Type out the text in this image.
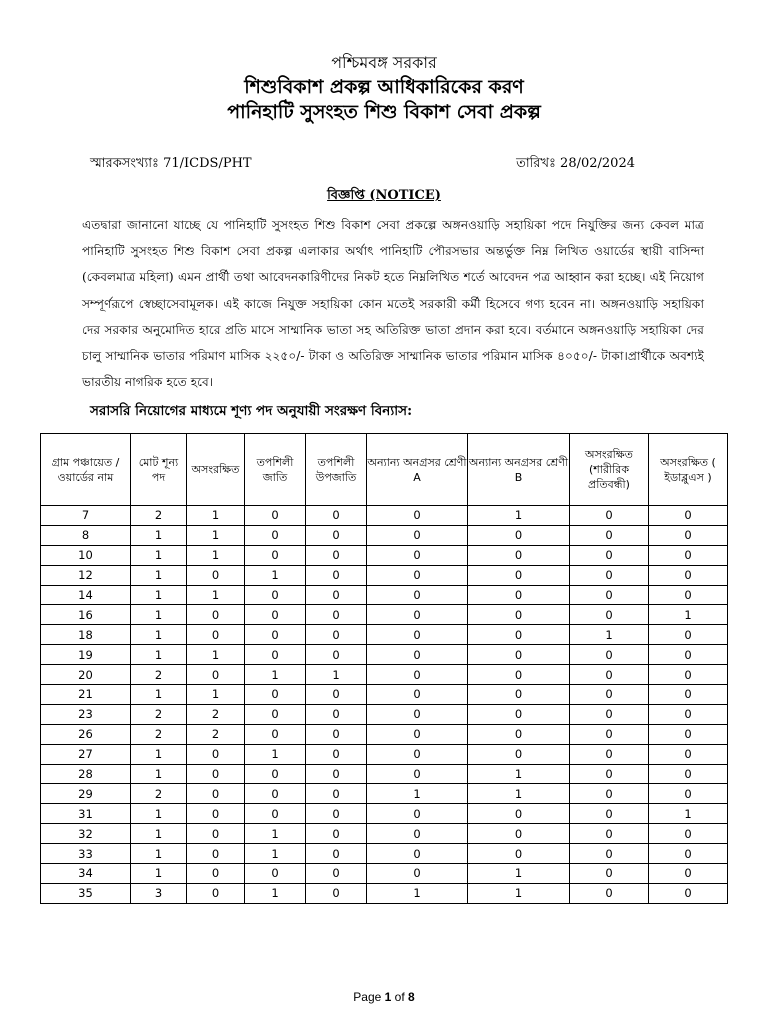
পশ্চিমবঙ্গ সরকার
শিশুবিকাশ প্রকল্প আধিকারিকের করণ
পানিহাটি সুসংহত শিশু বিকাশ সেবা প্রকল্প
স্মারকসংখ্যাঃ 71/ICDS/PHT	তারিখঃ 28/02/2024
বিজ্ঞপ্তি (NOTICE)

এতদ্বারা জানানো যাচ্ছে যে পানিহাটি সুসংহত শিশু বিকাশ সেবা প্রকল্পে অঙ্গনওয়াড়ি সহায়িকা পদে নিযুক্তির জন্য কেবল মাত্র পানিহাটি সুসংহত শিশু বিকাশ সেবা প্রকল্প এলাকার অর্থাৎ পানিহাটি পৌরসভার অন্তর্ভুক্ত নিম্ন লিখিত ওয়ার্ডের স্থায়ী বাসিন্দা (কেবলমাত্র মহিলা) এমন প্রার্থী তথা আবেদনকারিণীদের নিকট হতে নিম্নলিখিত শর্তে আবেদন পত্র আহ্বান করা হচ্ছে। এই নিয়োগ সম্পূর্ণরূপে স্বেচ্ছাসেবামূলক। এই কাজে নিযুক্ত সহায়িকা কোন মতেই সরকারী কর্মী হিসেবে গণ্য হবেন না। অঙ্গনওয়াড়ি সহায়িকা দের সরকার অনুমোদিত হারে প্রতি মাসে সাম্মানিক ভাতা সহ অতিরিক্ত ভাতা প্রদান করা হবে। বর্তমানে অঙ্গনওয়াড়ি সহায়িকা দের চালু সাম্মানিক ভাতার পরিমাণ মাসিক ২২৫০/- টাকা ও অতিরিক্ত সাম্মানিক ভাতার পরিমান মাসিক ৪০৫০/- টাকা।প্রার্থীকে অবশ্যই ভারতীয় নাগরিক হতে হবে।

সরাসরি নিয়োগের মাধ্যমে শূণ্য পদ অনুযায়ী সংরক্ষণ বিন্যাস:
গ্রাম পঞ্চায়েত / ওয়ার্ডের নাম	মোট শূন্য পদ	অসংরক্ষিত	তপশিলী জাতি	তপশিলী উপজাতি	অন্যান্য অনগ্রসর শ্রেণী A	অন্যান্য অনগ্রসর শ্রেণী B	অসংরক্ষিত (শারীরিক প্রতিবন্ধী)	অসংরক্ষিত ( ইডাব্লুএস )
7	2	1	0	0	0	1	0	0
8	1	1	0	0	0	0	0	0
10	1	1	0	0	0	0	0	0
12	1	0	1	0	0	0	0	0
14	1	1	0	0	0	0	0	0
16	1	0	0	0	0	0	0	1
18	1	0	0	0	0	0	1	0
19	1	1	0	0	0	0	0	0
20	2	0	1	1	0	0	0	0
21	1	1	0	0	0	0	0	0
23	2	2	0	0	0	0	0	0
26	2	2	0	0	0	0	0	0
27	1	0	1	0	0	0	0	0
28	1	0	0	0	0	1	0	0
29	2	0	0	0	1	1	0	0
31	1	0	0	0	0	0	0	1
32	1	0	1	0	0	0	0	0
33	1	0	1	0	0	0	0	0
34	1	0	0	0	0	1	0	0
35	3	0	1	0	1	1	0	0
Page 1 of 8
